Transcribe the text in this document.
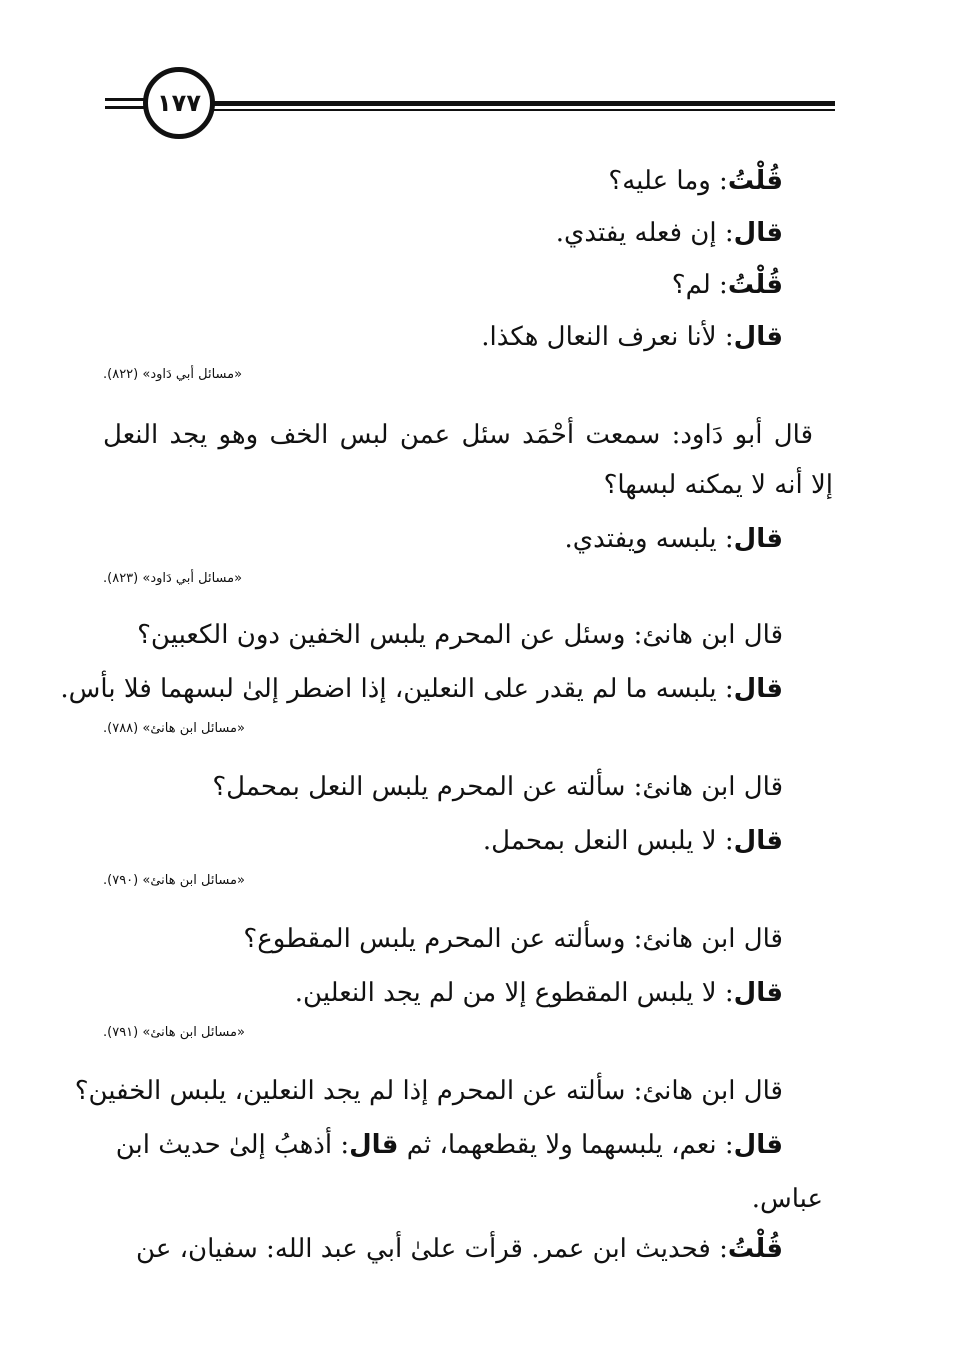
١٧٧
قُلْتُ: وما عليه؟
قال: إن فعله يفتدي.
قُلْتُ: لم؟
قال: لأنا نعرف النعال هكذا.
«مسائل أبي دَاود» (٨٢٢).
قال أبو دَاود: سمعت أحْمَد سئل عمن لبس الخف وهو يجد النعل
إلا أنه لا يمكنه لبسها؟
قال: يلبسه ويفتدي.
«مسائل أبي دَاود» (٨٢٣).
قال ابن هانئ: وسئل عن المحرم يلبس الخفين دون الكعبين؟
قال: يلبسه ما لم يقدر على النعلين، إذا اضطر إلىٰ لبسهما فلا بأس.
«مسائل ابن هانئ» (٧٨٨).
قال ابن هانئ: سألته عن المحرم يلبس النعل بمحمل؟
قال: لا يلبس النعل بمحمل.
«مسائل ابن هانئ» (٧٩٠).
قال ابن هانئ: وسألته عن المحرم يلبس المقطوع؟
قال: لا يلبس المقطوع إلا من لم يجد النعلين.
«مسائل ابن هانئ» (٧٩١).
قال ابن هانئ: سألته عن المحرم إذا لم يجد النعلين، يلبس الخفين؟
قال: نعم، يلبسهما ولا يقطعهما، ثم قال: أذهبُ إلىٰ حديث ابن
عباس.
قُلْتُ: فحديث ابن عمر. قرأت علىٰ أبي عبد الله: سفيان، عن
